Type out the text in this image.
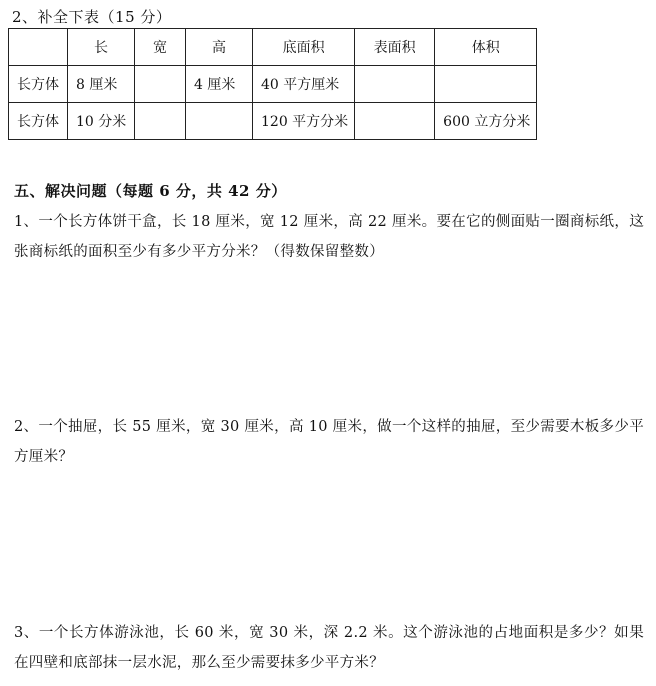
2、补全下表（15 分）
	长	宽	高	底面积	表面积	体积
长方体	8 厘米		4 厘米	40 平方厘米		
长方体	10 分米			120 平方分米		600 立方分米
五、解决问题（每题 6 分，共 42 分）
1、一个长方体饼干盒，长 18 厘米，宽 12 厘米，高 22 厘米。要在它的侧面贴一圈商标纸，这张商标纸的面积至少有多少平方分米？（得数保留整数）
2、一个抽屉，长 55 厘米，宽 30 厘米，高 10 厘米，做一个这样的抽屉，至少需要木板多少平方厘米？
3、一个长方体游泳池，长 60 米，宽 30 米，深 2.2 米。这个游泳池的占地面积是多少？如果在四壁和底部抹一层水泥，那么至少需要抹多少平方米？
